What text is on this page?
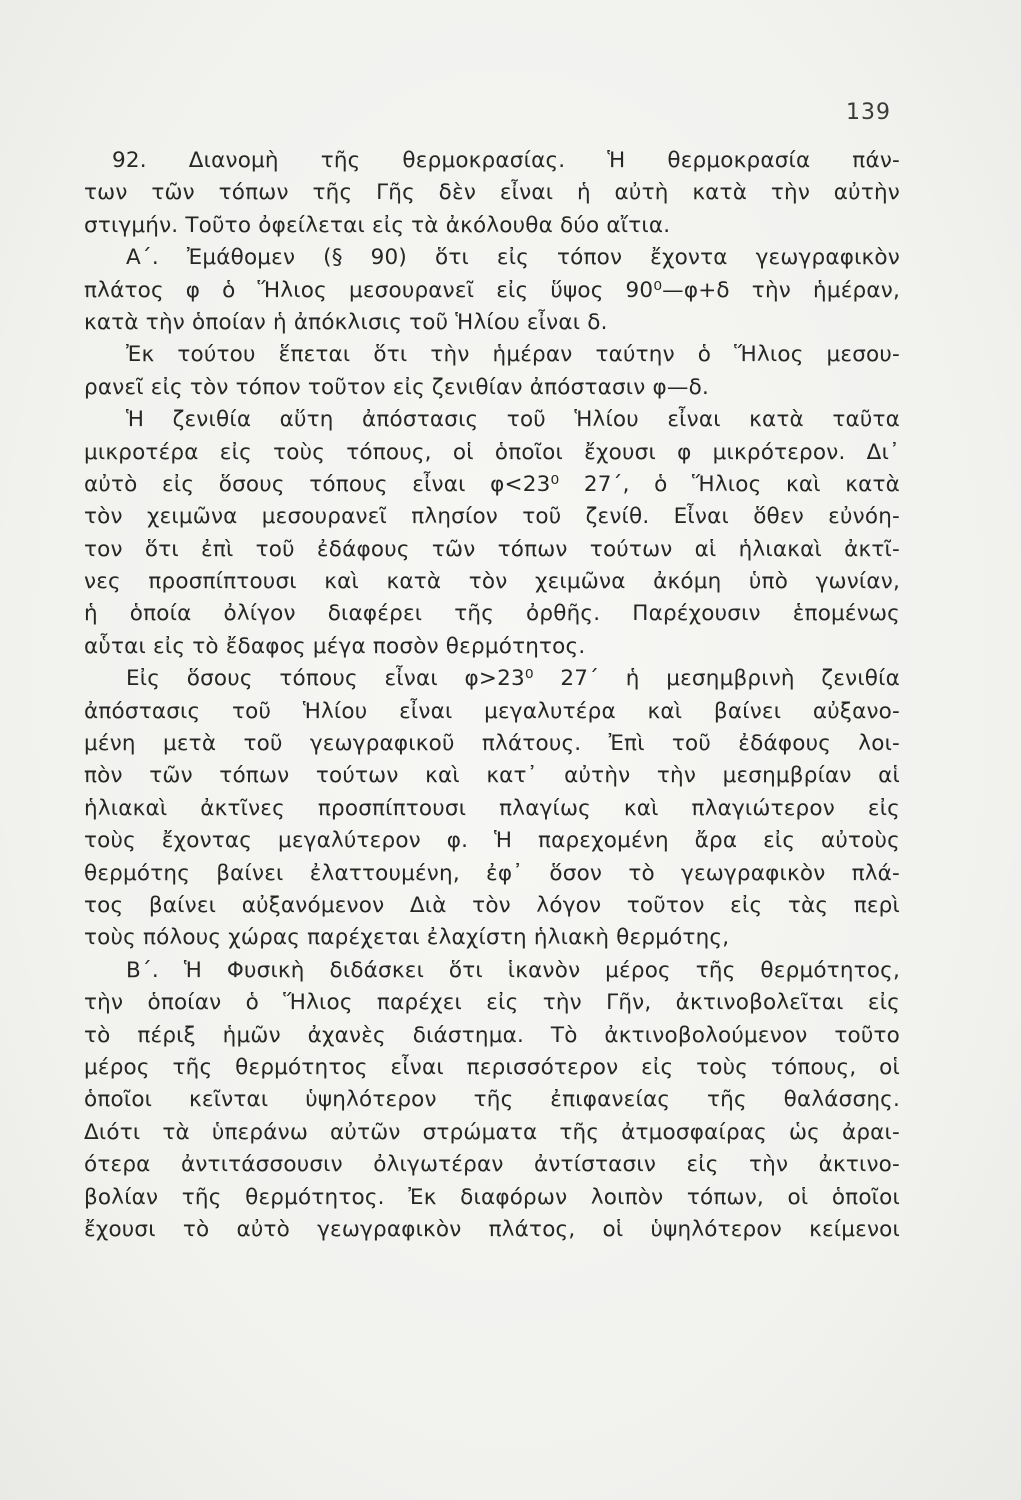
139
92. Διανομὴ τῆς θερμοκρασίας. Ἡ θερμοκρασία πάν-
των τῶν τόπων τῆς Γῆς δὲν εἶναι ἡ αὐτὴ κατὰ τὴν αὐτὴν
στιγμήν. Τοῦτο ὀφείλεται εἰς τὰ ἀκόλουθα δύο αἴτια.
Α΄. Ἐμάθομεν (§ 90) ὅτι εἰς τόπον ἔχοντα γεωγραφικὸν
πλάτος φ ὁ Ἥλιος μεσουρανεῖ εἰς ὕψος 90⁰—φ+δ τὴν ἡμέραν,
κατὰ τὴν ὁποίαν ἡ ἀπόκλισις τοῦ Ἡλίου εἶναι δ.
Ἐκ τούτου ἕπεται ὅτι τὴν ἡμέραν ταύτην ὁ Ἥλιος μεσου-
ρανεῖ εἰς τὸν τόπον τοῦτον εἰς ζενιθίαν ἀπόστασιν φ—δ.
Ἡ ζενιθία αὕτη ἀπόστασις τοῦ Ἡλίου εἶναι κατὰ ταῦτα
μικροτέρα εἰς τοὺς τόπους, οἱ ὁποῖοι ἔχουσι φ μικρότερον. Δι᾽
αὐτὸ εἰς ὅσους τόπους εἶναι φ<23⁰ 27΄, ὁ Ἥλιος καὶ κατὰ
τὸν χειμῶνα μεσουρανεῖ πλησίον τοῦ ζενίθ. Εἶναι ὅθεν εὐνόη-
τον ὅτι ἐπὶ τοῦ ἐδάφους τῶν τόπων τούτων αἱ ἡλιακαὶ ἀκτῖ-
νες προσπίπτουσι καὶ κατὰ τὸν χειμῶνα ἀκόμη ὑπὸ γωνίαν,
ἡ ὁποία ὀλίγον διαφέρει τῆς ὀρθῆς. Παρέχουσιν ἑπομένως
αὗται εἰς τὸ ἔδαφος μέγα ποσὸν θερμότητος.
Εἰς ὅσους τόπους εἶναι φ>23⁰ 27΄ ἡ μεσημβρινὴ ζενιθία
ἀπόστασις τοῦ Ἡλίου εἶναι μεγαλυτέρα καὶ βαίνει αὐξανο-
μένη μετὰ τοῦ γεωγραφικοῦ πλάτους. Ἐπὶ τοῦ ἐδάφους λοι-
πὸν τῶν τόπων τούτων καὶ κατ᾽ αὐτὴν τὴν μεσημβρίαν αἱ
ἡλιακαὶ ἀκτῖνες προσπίπτουσι πλαγίως καὶ πλαγιώτερον εἰς
τοὺς ἔχοντας μεγαλύτερον φ. Ἡ παρεχομένη ἄρα εἰς αὐτοὺς
θερμότης βαίνει ἐλαττουμένη, ἐφ᾽ ὅσον τὸ γεωγραφικὸν πλά-
τος βαίνει αὐξανόμενον Διὰ τὸν λόγον τοῦτον εἰς τὰς περὶ
τοὺς πόλους χώρας παρέχεται ἐλαχίστη ἡλιακὴ θερμότης,
Β΄. Ἡ Φυσικὴ διδάσκει ὅτι ἱκανὸν μέρος τῆς θερμότητος,
τὴν ὁποίαν ὁ Ἥλιος παρέχει εἰς τὴν Γῆν, ἀκτινοβολεῖται εἰς
τὸ πέριξ ἡμῶν ἀχανὲς διάστημα. Τὸ ἀκτινοβολούμενον τοῦτο
μέρος τῆς θερμότητος εἶναι περισσότερον εἰς τοὺς τόπους, οἱ
ὁποῖοι κεῖνται ὑψηλότερον τῆς ἐπιφανείας τῆς θαλάσσης.
Διότι τὰ ὑπεράνω αὐτῶν στρώματα τῆς ἀτμοσφαίρας ὡς ἀραι-
ότερα ἀντιτάσσουσιν ὀλιγωτέραν ἀντίστασιν εἰς τὴν ἀκτινο-
βολίαν τῆς θερμότητος. Ἐκ διαφόρων λοιπὸν τόπων, οἱ ὁποῖοι
ἔχουσι τὸ αὐτὸ γεωγραφικὸν πλάτος, οἱ ὑψηλότερον κείμενοι
